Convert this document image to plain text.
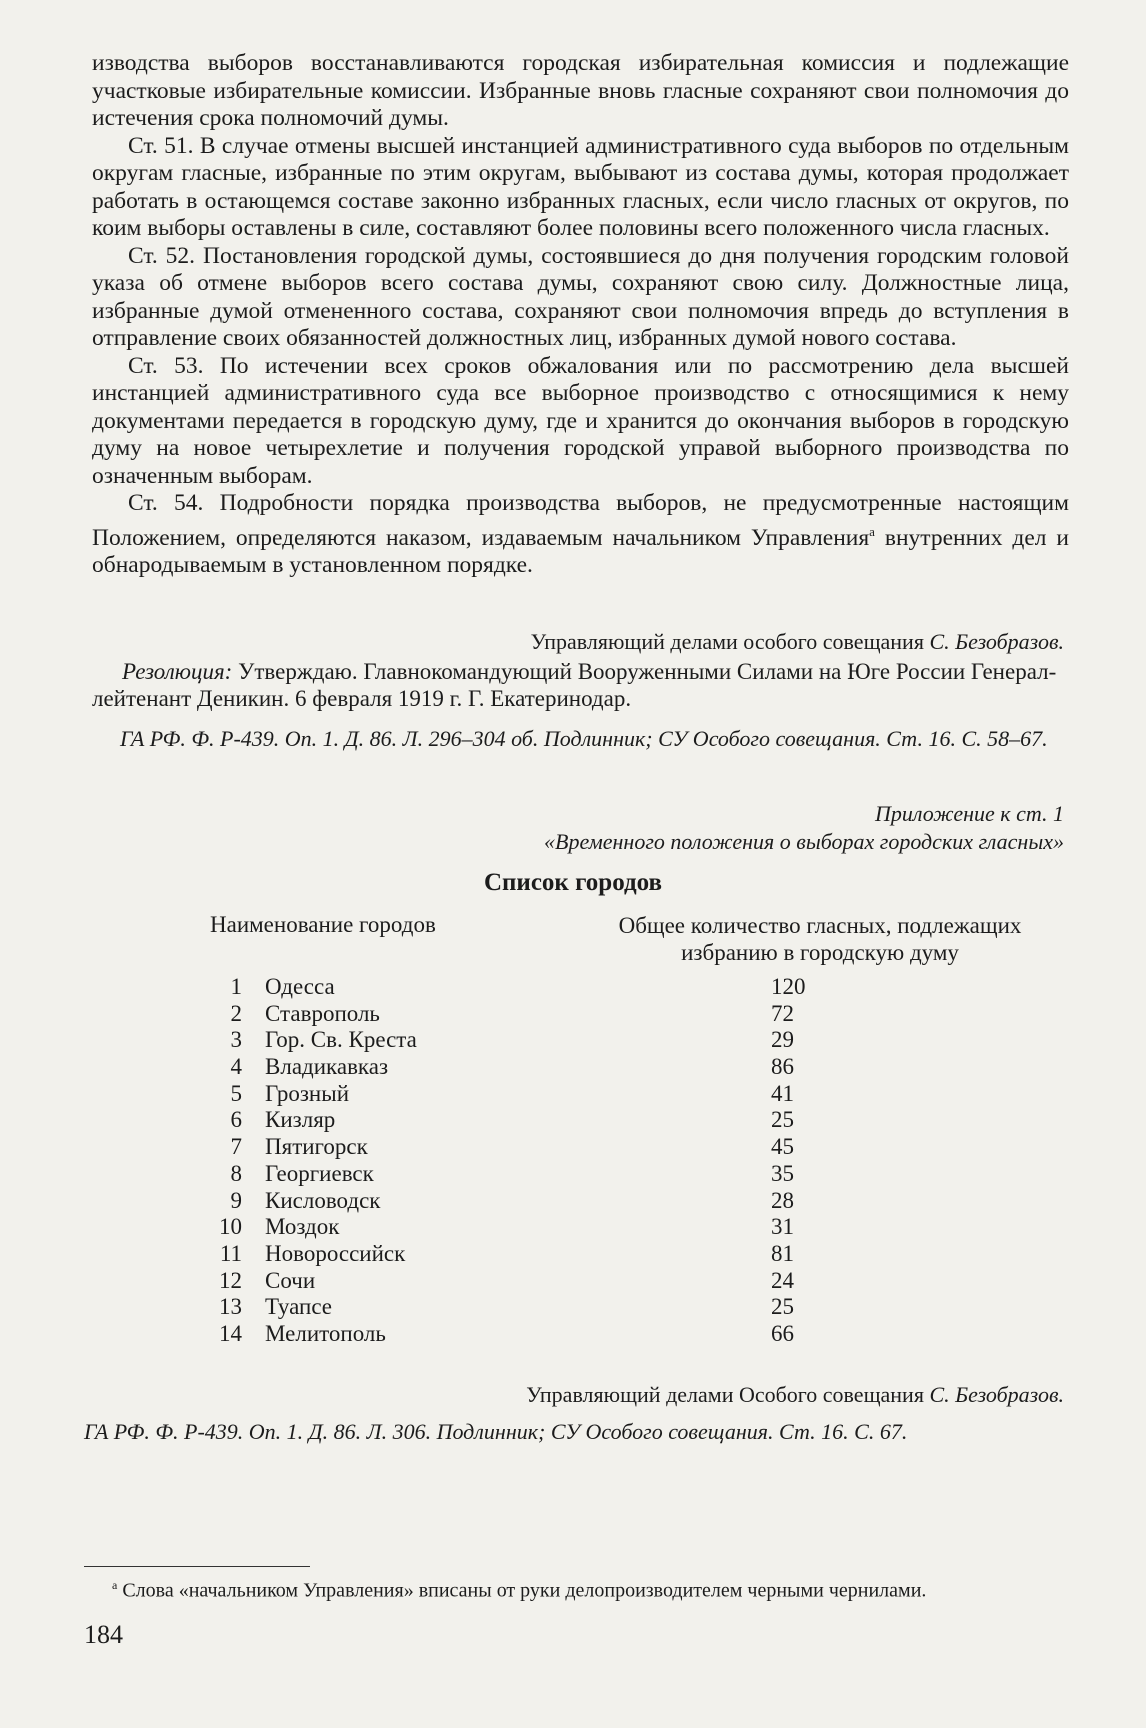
изводства выборов восстанавливаются городская избирательная комиссия и подлежащие участковые избирательные комиссии. Избранные вновь гласные сохраняют свои полномочия до истечения срока полномочий думы.

Ст. 51. В случае отмены высшей инстанцией административного суда выборов по отдельным округам гласные, избранные по этим округам, выбывают из состава думы, которая продолжает работать в остающемся составе законно избранных гласных, если число гласных от округов, по коим выборы оставлены в силе, составляют более половины всего положенного числа гласных.

Ст. 52. Постановления городской думы, состоявшиеся до дня получения городским головой указа об отмене выборов всего состава думы, сохраняют свою силу. Должностные лица, избранные думой отмененного состава, сохраняют свои полномочия впредь до вступления в отправление своих обязанностей должностных лиц, избранных думой нового состава.

Ст. 53. По истечении всех сроков обжалования или по рассмотрению дела высшей инстанцией административного суда все выборное производство с относящимися к нему документами передается в городскую думу, где и хранится до окончания выборов в городскую думу на новое четырехлетие и получения городской управой выборного производства по означенным выборам.

Ст. 54. Подробности порядка производства выборов, не предусмотренные настоящим Положением, определяются наказом, издаваемым начальником Управления$^а$ внутренних дел и обнародываемым в установленном порядке.

Управляющий делами особого совещания С. Безобразов.
Резолюция: Утверждаю. Главнокомандующий Вооруженными Силами на Юге России Генерал-лейтенант Деникин. 6 февраля 1919 г. Г. Екатеринодар.
ГА РФ. Ф. Р-439. Оп. 1. Д. 86. Л. 296–304 об. Подлинник; СУ Особого совещания. Ст. 16. С. 58–67.
Приложение к ст. 1
«Временного положения о выборах городских гласных»
Список городов
Наименование городов	Общее количество гласных, подлежащих избранию в городскую думу
1 Одесса	120
2 Ставрополь	72
3 Гор. Св. Креста	29
4 Владикавказ	86
5 Грозный	41
6 Кизляр	25
7 Пятигорск	45
8 Георгиевск	35
9 Кисловодск	28
10 Моздок	31
11 Новороссийск	81
12 Сочи	24
13 Туапсе	25
14 Мелитополь	66
Управляющий делами Особого совещания С. Безобразов.
ГА РФ. Ф. Р-439. Оп. 1. Д. 86. Л. 306. Подлинник; СУ Особого совещания. Ст. 16. С. 67.
$^а$ Слова «начальником Управления» вписаны от руки делопроизводителем черными чернилами.
184
